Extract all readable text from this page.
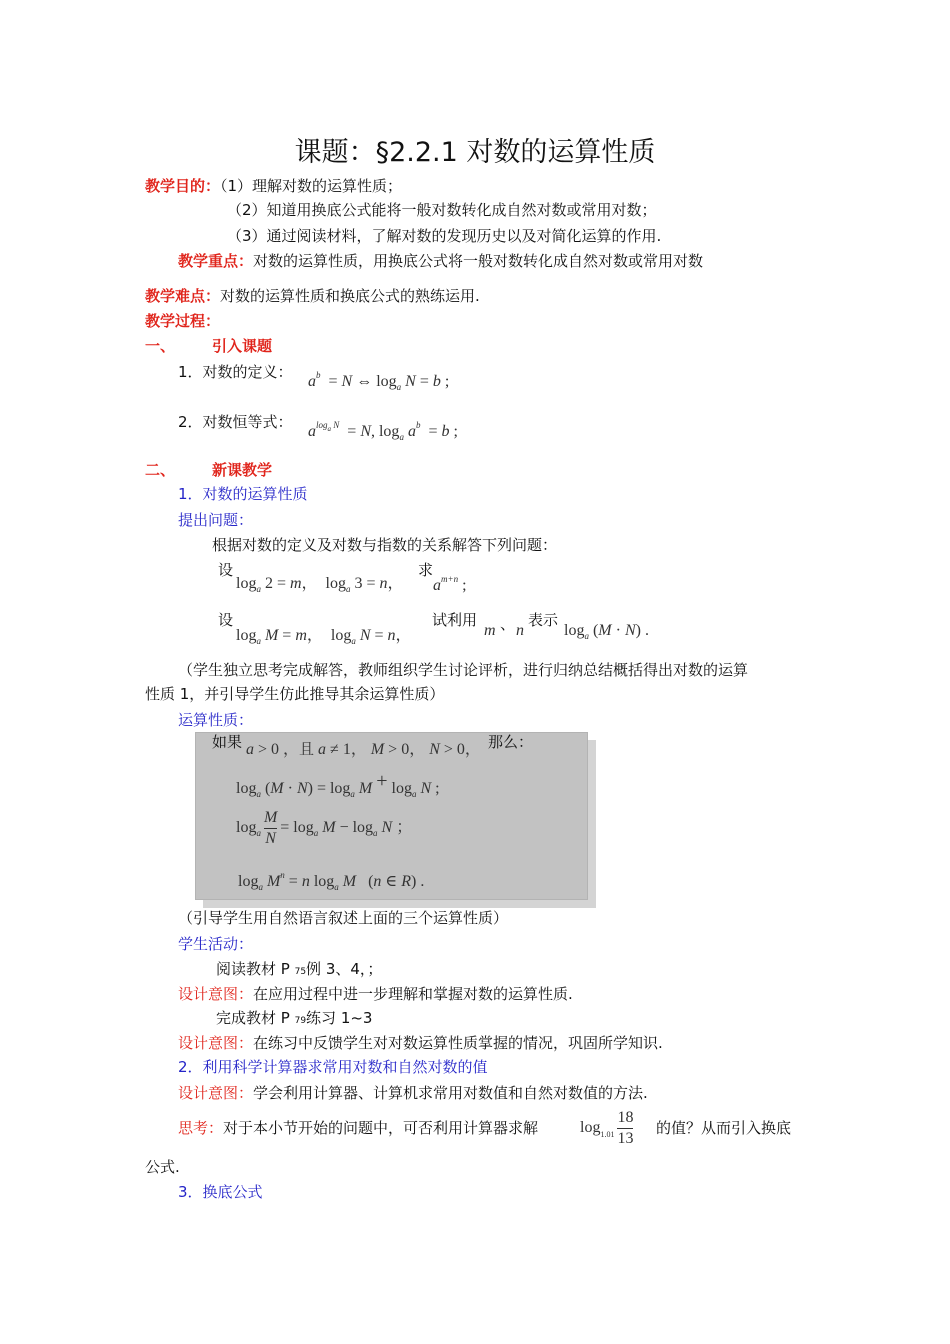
课题：§2.2.1 对数的运算性质
教学目的：（1）理解对数的运算性质；
（2）知道用换底公式能将一般对数转化成自然对数或常用对数；
（3）通过阅读材料，了解对数的发现历史以及对简化运算的作用.
教学重点：对数的运算性质，用换底公式将一般对数转化成自然对数或常用对数
教学难点：对数的运算性质和换底公式的熟练运用.
教学过程：
一、 引入课题
1．对数的定义：
$a^b = N$ ⇔ $\log_a N = b$ ;
2．对数恒等式：
$a^{log_a N} = N$, $\log_a a^b = b$ ;
二、 新课教学
1．对数的运算性质
提出问题：
根据对数的定义及对数与指数的关系解答下列问题：
设
$\log_a 2 = m$，  $\log_a 3 = n$，
求
$a^{m+n}$ ;
设
$\log_a M = m$，  $\log_a N = n$，
试利用
m 、 n
表示
$\log_a (M \cdot N)$ .
（学生独立思考完成解答，教师组织学生讨论评析，进行归纳总结概括得出对数的运算
性质 1，并引导学生仿此推导其余运算性质）
运算性质：
如果 a > 0 ，且 a ≠ 1， M > 0， N > 0， 那么：
$\log_a (M \cdot N) = \log_a M + \log_a N$ ;
$\log_a \frac{M}{N} = \log_a M - \log_a N$ ；
$\log_a M^n = n$ $\log_a M$   (n ∈ R) .
（引导学生用自然语言叙述上面的三个运算性质）
学生活动：
阅读教材 P 75例 3、4，；
设计意图：在应用过程中进一步理解和掌握对数的运算性质.
完成教材 P 79练习 1~3
设计意图：在练习中反馈学生对对数运算性质掌握的情况，巩固所学知识.
2．利用科学计算器求常用对数和自然对数的值
设计意图：学会利用计算器、计算机求常用对数值和自然对数值的方法.
思考：对于本小节开始的问题中，可否利用计算器求解	$\log_{1.01} \frac{18}{13}$ 的值？从而引入换底
公式.
3．换底公式
